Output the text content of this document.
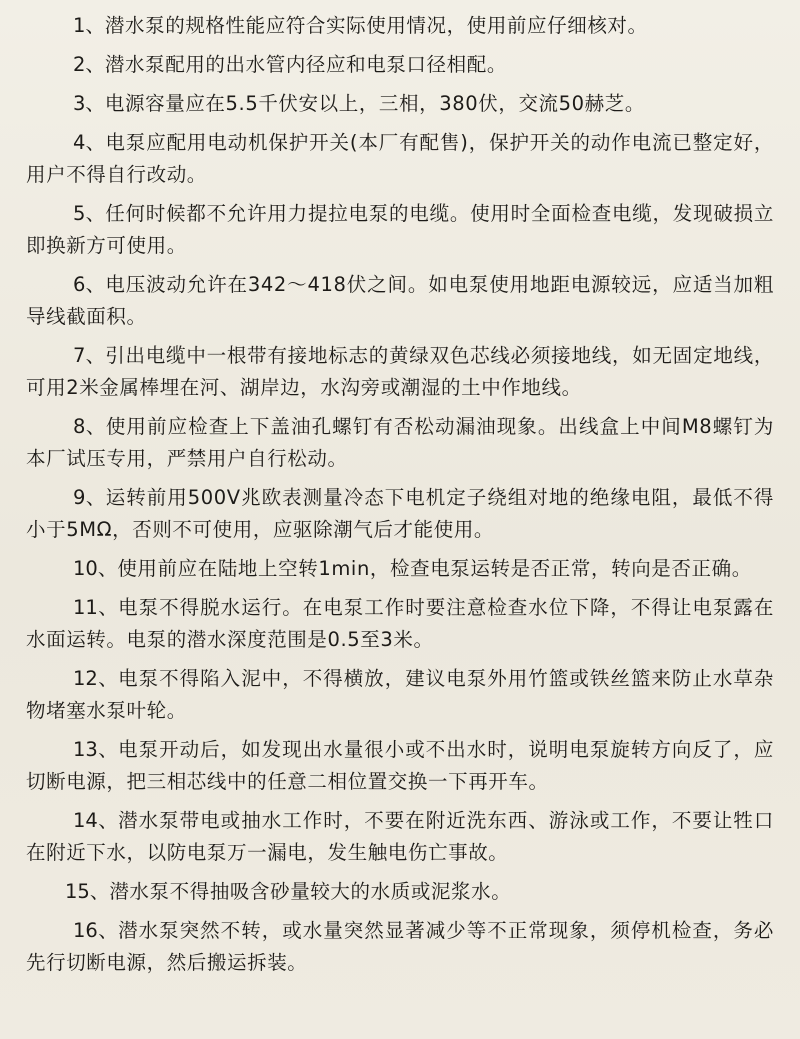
1、潜水泵的规格性能应符合实际使用情况，使用前应仔细核对。
2、潜水泵配用的出水管内径应和电泵口径相配。
3、电源容量应在5.5千伏安以上，三相，380伏，交流50赫芝。
4、电泵应配用电动机保护开关(本厂有配售)，保护开关的动作电流已整定好，用户不得自行改动。
5、任何时候都不允许用力提拉电泵的电缆。使用时全面检查电缆，发现破损立即换新方可使用。
6、电压波动允许在342～418伏之间。如电泵使用地距电源较远，应适当加粗导线截面积。
7、引出电缆中一根带有接地标志的黄绿双色芯线必须接地线，如无固定地线，可用2米金属棒埋在河、湖岸边，水沟旁或潮湿的土中作地线。
8、使用前应检查上下盖油孔螺钉有否松动漏油现象。出线盒上中间M8螺钉为本厂试压专用，严禁用户自行松动。
9、运转前用500V兆欧表测量冷态下电机定子绕组对地的绝缘电阻，最低不得小于5MΩ，否则不可使用，应驱除潮气后才能使用。
10、使用前应在陆地上空转1min，检查电泵运转是否正常，转向是否正确。
11、电泵不得脱水运行。在电泵工作时要注意检查水位下降，不得让电泵露在水面运转。电泵的潜水深度范围是0.5至3米。
12、电泵不得陷入泥中，不得横放，建议电泵外用竹篮或铁丝篮来防止水草杂物堵塞水泵叶轮。
13、电泵开动后，如发现出水量很小或不出水时，说明电泵旋转方向反了，应切断电源，把三相芯线中的任意二相位置交换一下再开车。
14、潜水泵带电或抽水工作时，不要在附近洗东西、游泳或工作，不要让牲口在附近下水，以防电泵万一漏电，发生触电伤亡事故。
15、潜水泵不得抽吸含砂量较大的水质或泥浆水。
16、潜水泵突然不转，或水量突然显著减少等不正常现象，须停机检查，务必先行切断电源，然后搬运拆装。
